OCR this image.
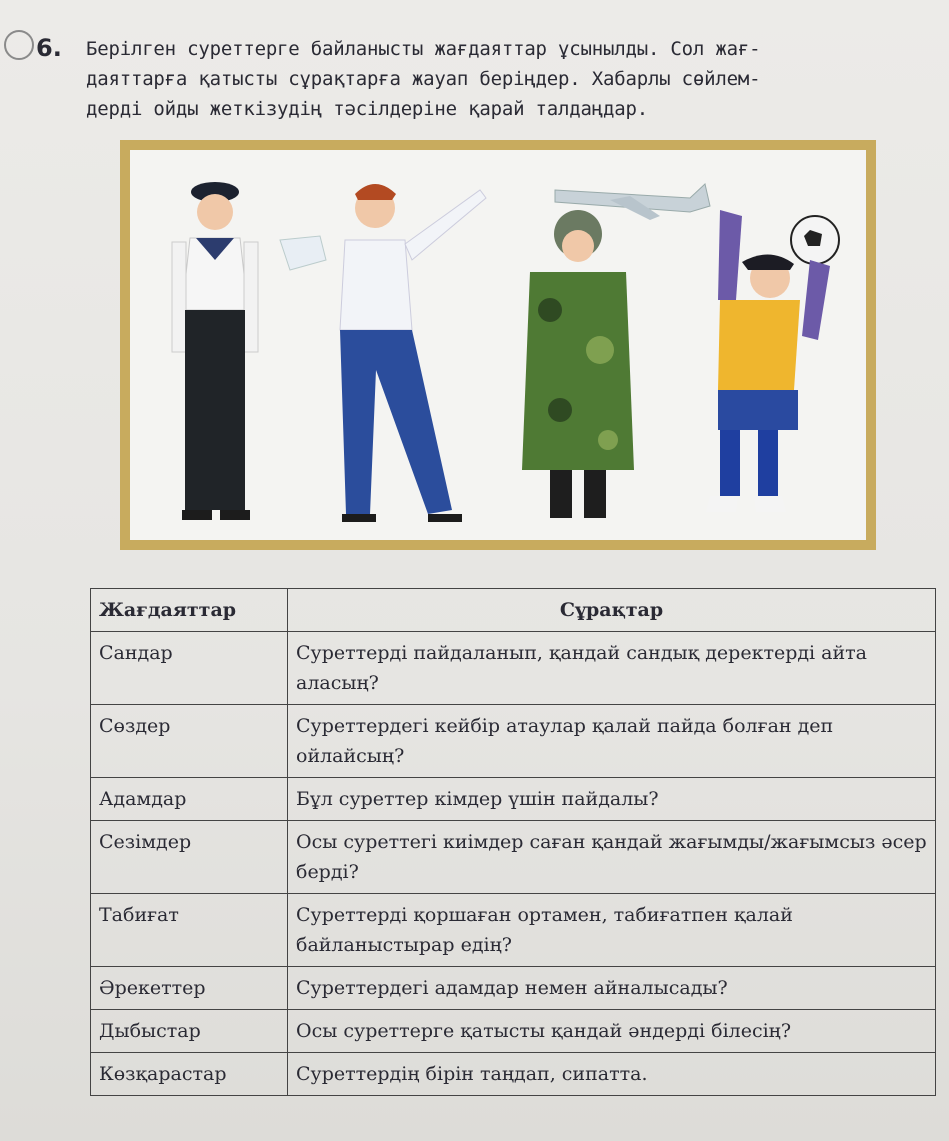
6. Берілген суреттерге байланысты жағдаяттар ұсынылды. Сол жағ-
даяттарға қатысты сұрақтарға жауап беріңдер. Хабарлы сөйлем-
дерді ойды жеткізудің тәсілдеріне қарай талдаңдар.
Жағдаяттар	Сұрақтар
Сандар	Суреттерді пайдаланып, қандай сандық деректерді айта аласың?
Сөздер	Суреттердегі кейбір атаулар қалай пайда болған деп ойлайсың?
Адамдар	Бұл суреттер кімдер үшін пайдалы?
Сезімдер	Осы суреттегі киімдер саған қандай жағымды/жағымсыз әсер берді?
Табиғат	Суреттерді қоршаған ортамен, табиғатпен қалай байланыстырар едің?
Әрекеттер	Суреттердегі адамдар немен айналысады?
Дыбыстар	Осы суреттерге қатысты қандай әндерді білесің?
Көзқарастар	Суреттердің бірін таңдап, сипатта.
